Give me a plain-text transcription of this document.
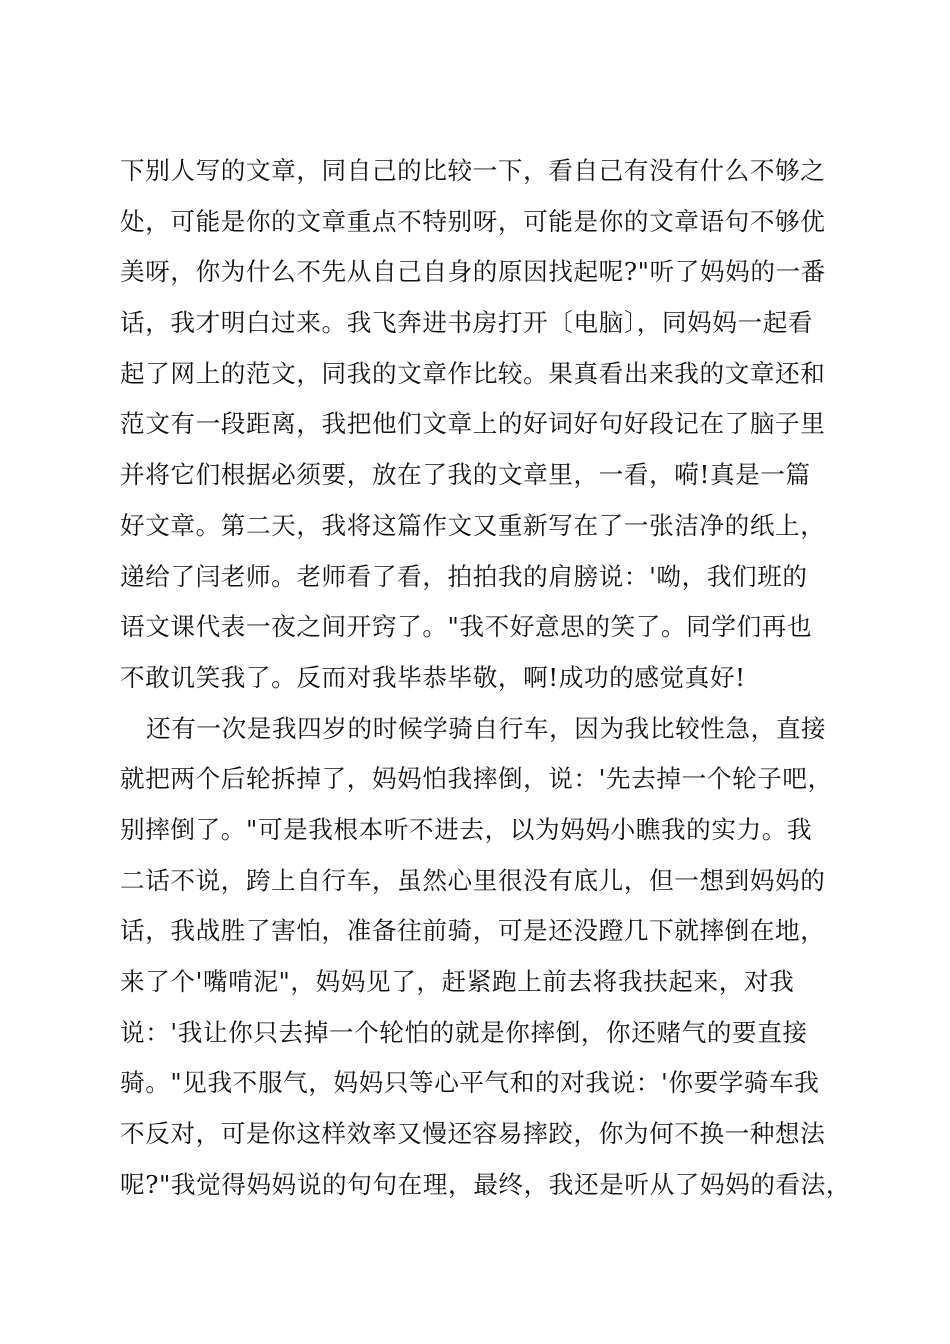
下别人写的文章，同自己的比较一下，看自己有没有什么不够之
处，可能是你的文章重点不特别呀，可能是你的文章语句不够优
美呀，你为什么不先从自己自身的原因找起呢?"听了妈妈的一番
话，我才明白过来。我飞奔进书房打开〔电脑〕，同妈妈一起看
起了网上的范文，同我的文章作比较。果真看出来我的文章还和
范文有一段距离，我把他们文章上的好词好句好段记在了脑子里
并将它们根据必须要，放在了我的文章里，一看，嗬!真是一篇
好文章。第二天，我将这篇作文又重新写在了一张洁净的纸上，
递给了闫老师。老师看了看，拍拍我的肩膀说：'呦，我们班的
语文课代表一夜之间开窍了。"我不好意思的笑了。同学们再也
不敢讥笑我了。反而对我毕恭毕敬，啊!成功的感觉真好!
还有一次是我四岁的时候学骑自行车，因为我比较性急，直接
就把两个后轮拆掉了，妈妈怕我摔倒，说：'先去掉一个轮子吧，
别摔倒了。"可是我根本听不进去，以为妈妈小瞧我的实力。我
二话不说，跨上自行车，虽然心里很没有底儿，但一想到妈妈的
话，我战胜了害怕，准备往前骑，可是还没蹬几下就摔倒在地，
来了个'嘴啃泥"，妈妈见了，赶紧跑上前去将我扶起来，对我
说：'我让你只去掉一个轮怕的就是你摔倒，你还赌气的要直接
骑。"见我不服气，妈妈只等心平气和的对我说：'你要学骑车我
不反对，可是你这样效率又慢还容易摔跤，你为何不换一种想法
呢?"我觉得妈妈说的句句在理，最终，我还是听从了妈妈的看法，
